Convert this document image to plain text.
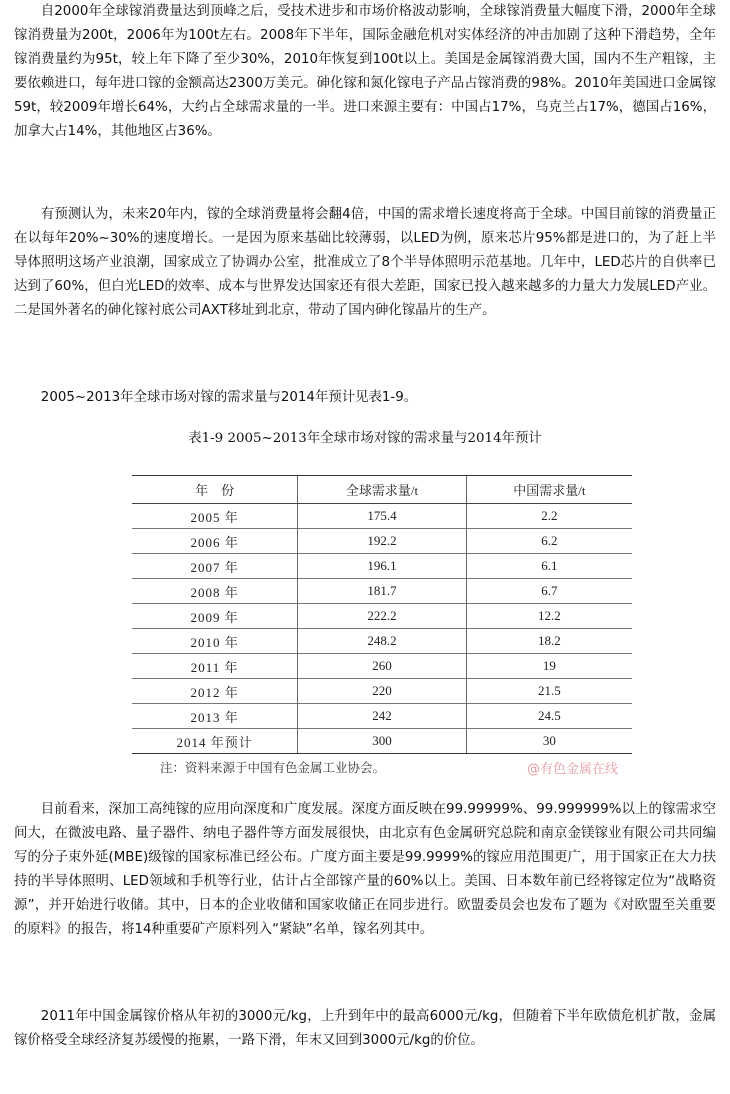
自2000年全球镓消费量达到顶峰之后，受技术进步和市场价格波动影响，全球镓消费量大幅度下滑，2000年全球镓消费量为200t，2006年为100t左右。2008年下半年，国际金融危机对实体经济的冲击加剧了这种下滑趋势，全年镓消费量约为95t，较上年下降了至少30%，2010年恢复到100t以上。美国是金属镓消费大国，国内不生产粗镓，主要依赖进口，每年进口镓的金额高达2300万美元。砷化镓和氮化镓电子产品占镓消费的98%。2010年美国进口金属镓59t，较2009年增长64%，大约占全球需求量的一半。进口来源主要有：中国占17%，乌克兰占17%，德国占16%，加拿大占14%，其他地区占36%。

有预测认为，未来20年内，镓的全球消费量将会翻4倍，中国的需求增长速度将高于全球。中国目前镓的消费量正在以每年20%~30%的速度增长。一是因为原来基础比较薄弱，以LED为例，原来芯片95%都是进口的，为了赶上半导体照明这场产业浪潮，国家成立了协调办公室，批准成立了8个半导体照明示范基地。几年中，LED芯片的自供率已达到了60%，但白光LED的效率、成本与世界发达国家还有很大差距，国家已投入越来越多的力量大力发展LED产业。二是国外著名的砷化镓衬底公司AXT移址到北京，带动了国内砷化镓晶片的生产。

2005~2013年全球市场对镓的需求量与2014年预计见表1-9。

表1-9 2005~2013年全球市场对镓的需求量与2014年预计
年　份	全球需求量/t	中国需求量/t
2005 年	175.4	2.2
2006 年	192.2	6.2
2007 年	196.1	6.1
2008 年	181.7	6.7
2009 年	222.2	12.2
2010 年	248.2	18.2
2011 年	260	19
2012 年	220	21.5
2013 年	242	24.5
2014 年预计	300	30
注：资料来源于中国有色金属工业协会。	@有色金属在线

目前看来，深加工高纯镓的应用向深度和广度发展。深度方面反映在99.99999%、99.999999%以上的镓需求空间大，在微波电路、量子器件、纳电子器件等方面发展很快，由北京有色金属研究总院和南京金镁镓业有限公司共同编写的分子束外延(MBE)级镓的国家标准已经公布。广度方面主要是99.9999%的镓应用范围更广，用于国家正在大力扶持的半导体照明、LED领域和手机等行业，估计占全部镓产量的60%以上。美国、日本数年前已经将镓定位为“战略资源”，并开始进行收储。其中，日本的企业收储和国家收储正在同步进行。欧盟委员会也发布了题为《对欧盟至关重要的原料》的报告，将14种重要矿产原料列入“紧缺”名单，镓名列其中。

2011年中国金属镓价格从年初的3000元/kg，上升到年中的最高6000元/kg，但随着下半年欧债危机扩散，金属镓价格受全球经济复苏缓慢的拖累，一路下滑，年末又回到3000元/kg的价位。
